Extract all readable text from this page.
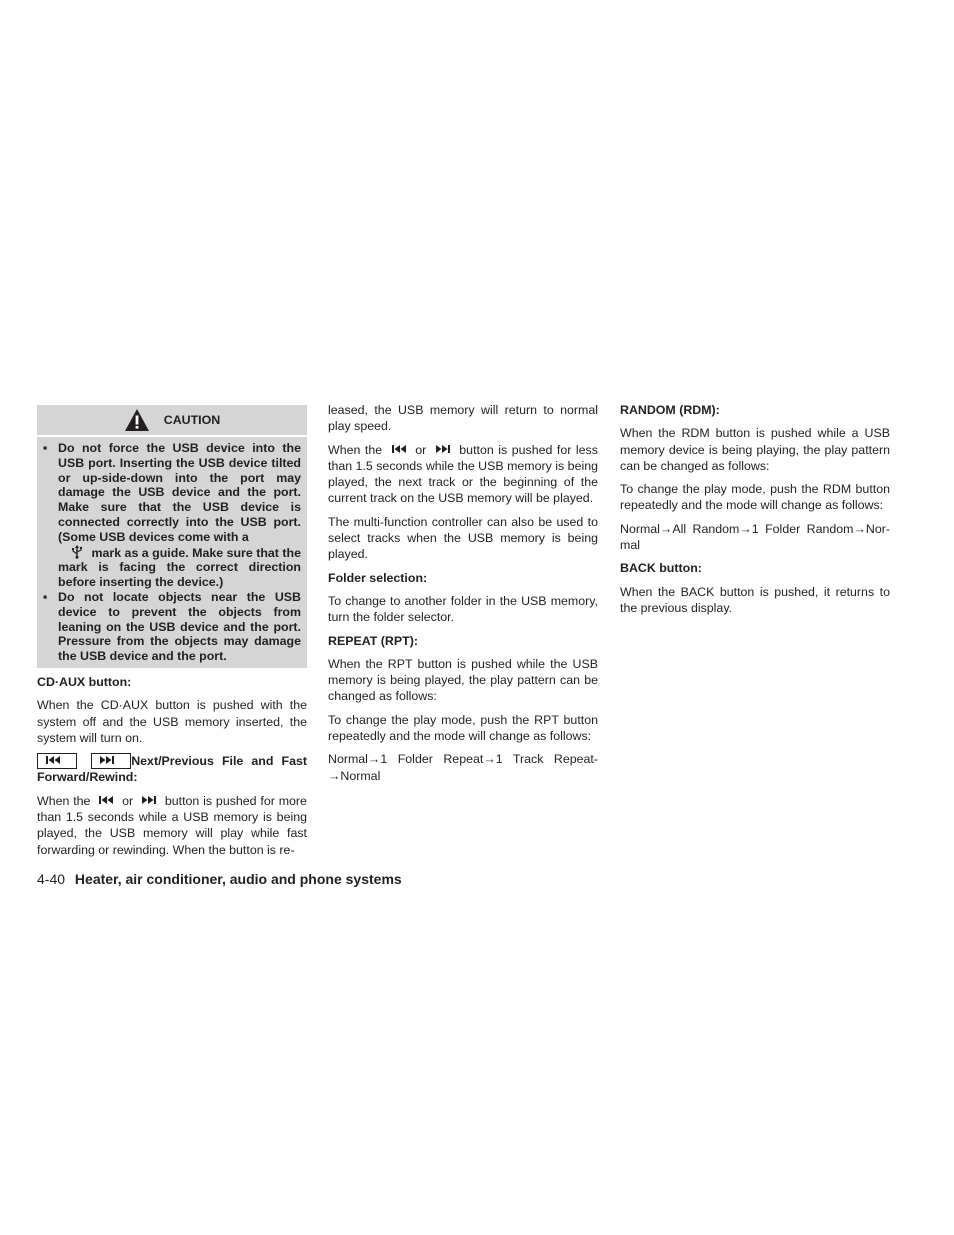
CAUTION
▪ Do not force the USB device into the USB port. Inserting the USB device tilted or up-side-down into the port may damage the USB device and the port. Make sure that the USB device is connected correctly into the USB port. (Some USB devices come with a
mark as a guide. Make sure that the mark is facing the correct direction before inserting the device.)
▪ Do not locate objects near the USB device to prevent the objects from leaning on the USB device and the port. Pressure from the objects may damage the USB device and the port.
CD·AUX button:

When the CD·AUX button is pushed with the system off and the USB memory inserted, the system will turn on.

Next/Previous File and Fast Forward/Rewind:

When the	or	button is pushed for more than 1.5 seconds while a USB memory is being played, the USB memory will play while fast forwarding or rewinding. When the button is re-

leased, the USB memory will return to normal play speed.

When the	or	button is pushed for less than 1.5 seconds while the USB memory is being played, the next track or the beginning of the current track on the USB memory will be played.

The multi-function controller can also be used to select tracks when the USB memory is being played.

Folder selection:

To change to another folder in the USB memory, turn the folder selector.

REPEAT (RPT):

When the RPT button is pushed while the USB memory is being played, the play pattern can be changed as follows:

To change the play mode, push the RPT button repeatedly and the mode will change as follows:

Normal→1 Folder Repeat→1 Track Repeat-→Normal

RANDOM (RDM):

When the RDM button is pushed while a USB memory device is being playing, the play pattern can be changed as follows:

To change the play mode, push the RDM button repeatedly and the mode will change as follows:

Normal→All Random→1 Folder Random→Nor-mal

BACK button:

When the BACK button is pushed, it returns to the previous display.

4-40 Heater, air conditioner, audio and phone systems
